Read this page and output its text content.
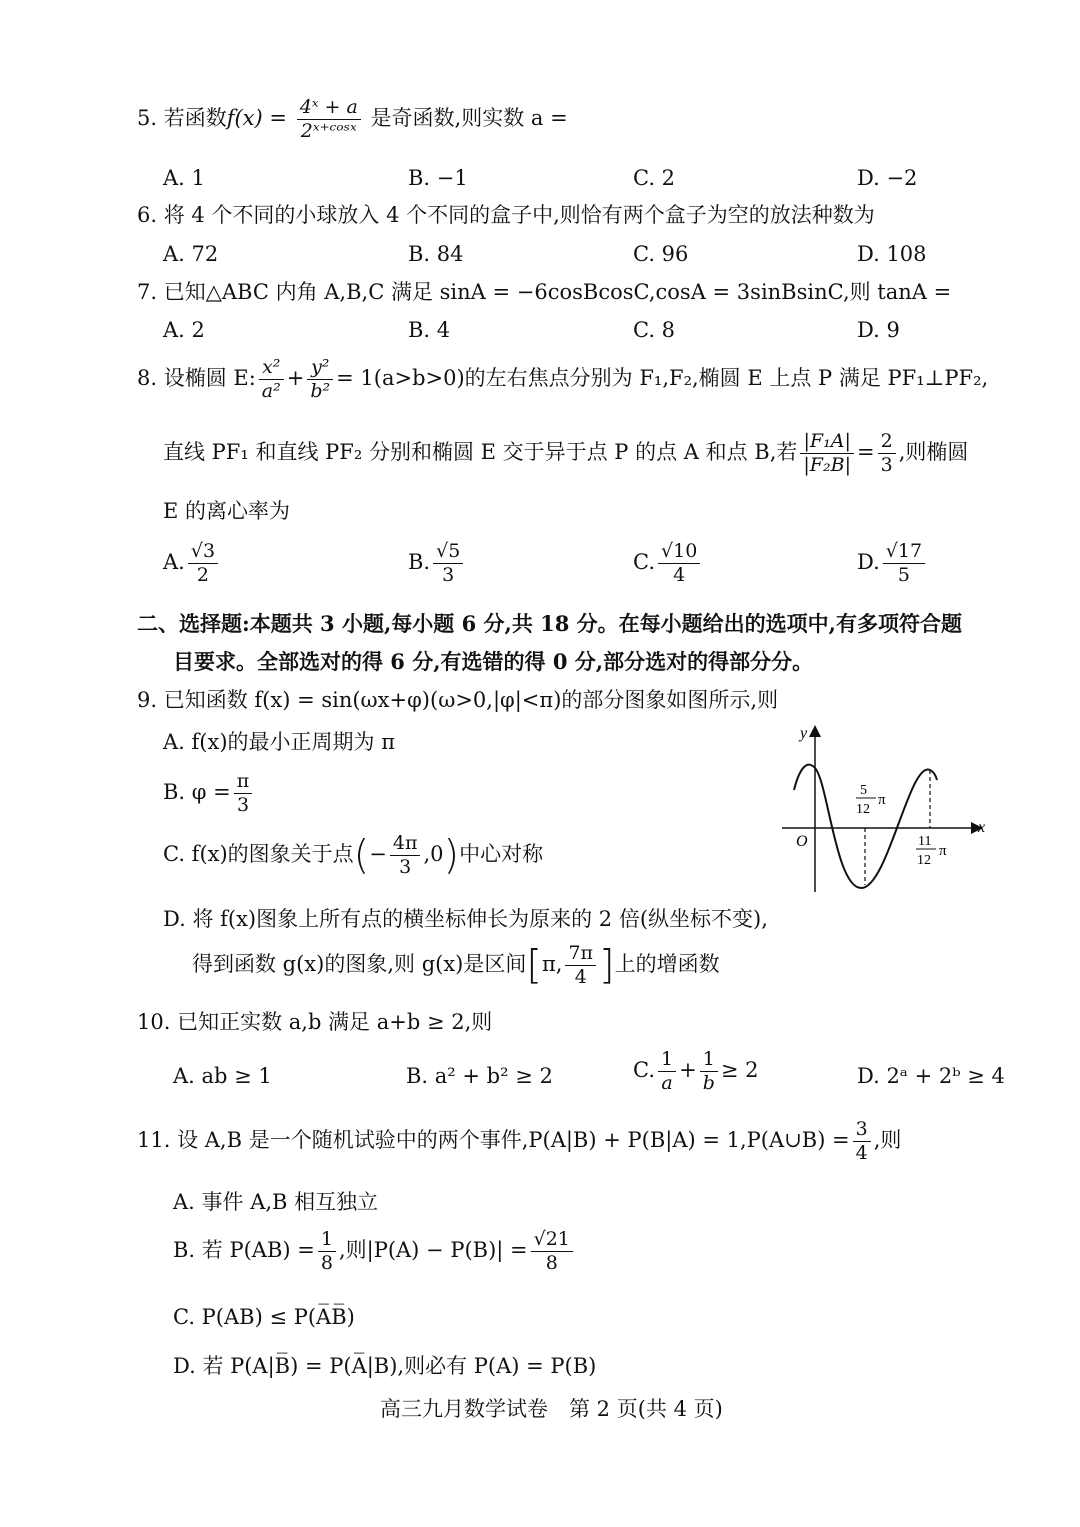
5. 若函数$f(x) = \frac{\text{4ˣ + a}}{\text{2ˣ⁺ᶜᵒˢˣ}}$ 是奇函数,则实数 a =
A. 1	B. −1	C. 2	D. −2
6. 将 4 个不同的小球放入 4 个不同的盒子中,则恰有两个盒子为空的放法种数为
A. 72	B. 84	C. 96	D. 108
7. 已知△ABC 内角 A,B,C 满足 sinA = −6cosBcosC,cosA = 3sinBsinC,则 tanA =
A. 2	B. 4	C. 8	D. 9
8. 设椭圆 E: $\frac{\text{x²}}{\text{a²}} + \frac{\text{y²}}{\text{b²}} = 1(a>b>0)$的左右焦点分别为 F₁,F₂,椭圆 E 上点 P 满足 PF₁⊥PF₂,
直线 PF₁ 和直线 PF₂ 分别和椭圆 E 交于异于点 P 的点 A 和点 B,若 $\frac{\text{|F₁A|}}{\text{|F₂B|}} = \frac{2}{3}$ ,则椭圆
E 的离心率为
A. $\frac{√3}{2}$	B. $\frac{√5}{3}$	C. $\frac{√10}{4}$	D. $\frac{√17}{5}$
二、选择题:本题共 3 小题,每小题 6 分,共 18 分。在每小题给出的选项中,有多项符合题
目要求。全部选对的得 6 分,有选错的得 0 分,部分选对的得部分分。
9. 已知函数 f(x) = sin(ωx+φ)(ω>0,|φ|<π)的部分图象如图所示,则
A. f(x)的最小正周期为 π
B. $\varphi = \frac{\pi}{3}$
C. f(x)的图象关于点(− $\frac{4\pi}{3} ,0$)中心对称
D. 将 f(x)图象上所有点的横坐标伸长为原来的 2 倍(纵坐标不变),
得到函数 g(x)的图象,则 g(x)是区间[π, $\frac{7\pi}{4}$ ]上的增函数
y
x
O
5
12
π
11
12
π
10. 已知正实数 a,b 满足 a+b ≥ 2,则
A. ab ≥ 1	B. a² + b² ≥ 2	C. $\frac{1}{a} + \frac{1}{b} \ge 2$	D. 2ᵃ + 2ᵇ ≥ 4
11. 设 A,B 是一个随机试验中的两个事件,P(A|B) + P(B|A) = 1,P(A∪B) = $\frac{3}{4}$ ,则
A. 事件 A,B 相互独立
B. 若 $P(AB) = \frac{1}{8}$ ,则$|P(A) - P(B)| = \frac{√21}{8}$
C. P(AB) ≤ P(A̅B̅)
D. 若 P(A|B̅) = P(A̅|B),则必有 P(A) = P(B)
高三九月数学试卷　第 2 页(共 4 页)
